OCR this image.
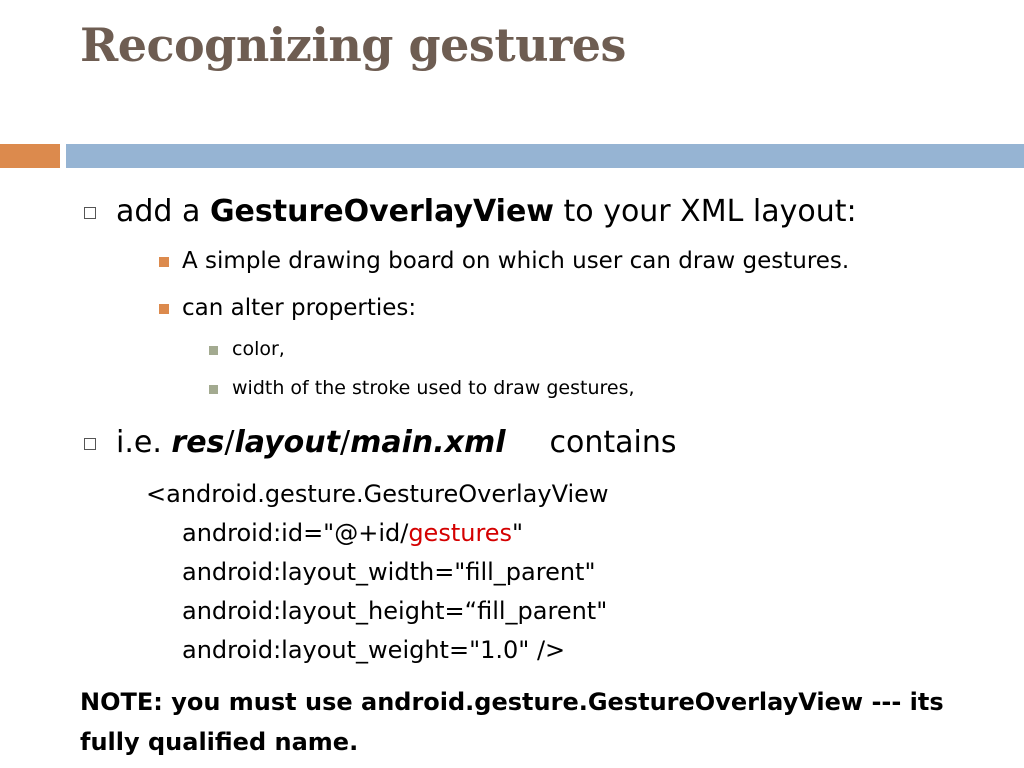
Recognizing gestures

add a GestureOverlayView to your XML layout:

A simple drawing board on which user can draw gestures.

can alter properties:

color,

width of the stroke used to draw gestures,

i.e. res/layout/main.xml contains

<android.gesture.GestureOverlayView

android:id="@+id/gestures"

android:layout_width="fill_parent"

android:layout_height=“fill_parent"

android:layout_weight="1.0" />

NOTE: you must use android.gesture.GestureOverlayView --- its fully qualified name.
